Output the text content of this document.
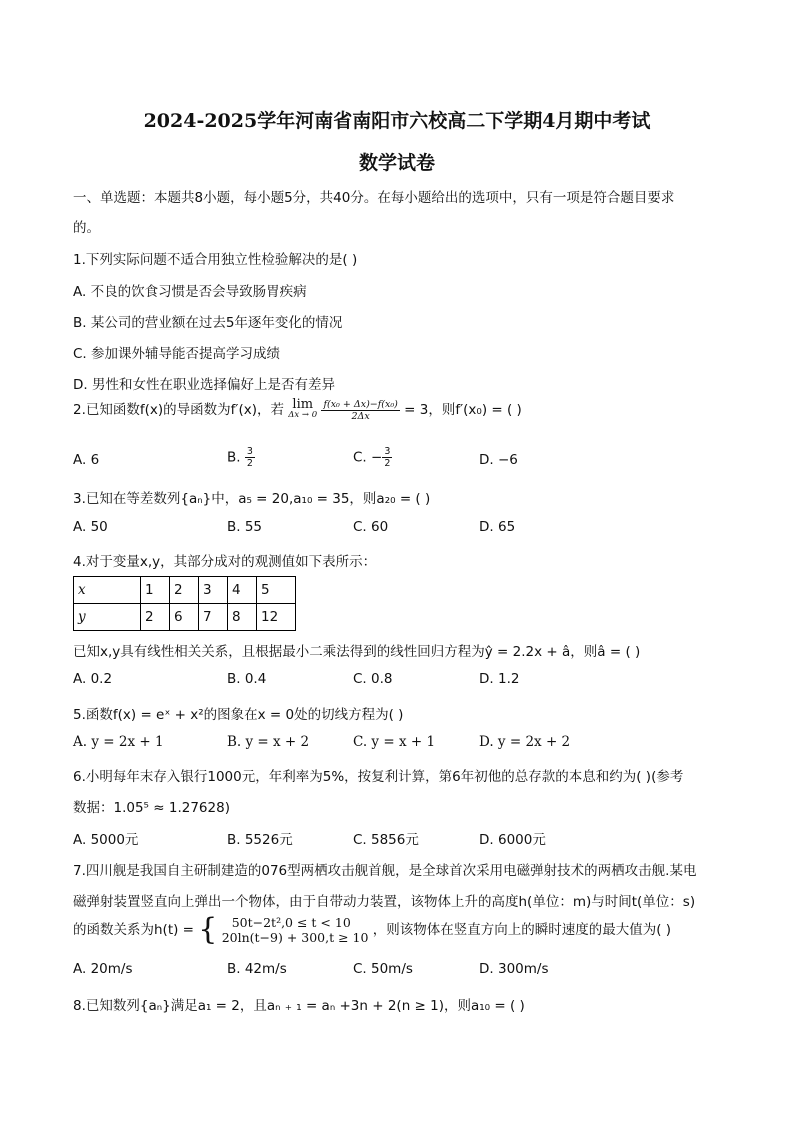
2024-2025学年河南省南阳市六校高二下学期4月期中考试
数学试卷
一、单选题：本题共8小题，每小题5分，共40分。在每小题给出的选项中，只有一项是符合题目要求
的。
1.下列实际问题不适合用独立性检验解决的是( )
A. 不良的饮食习惯是否会导致肠胃疾病
B. 某公司的营业额在过去5年逐年变化的情况
C. 参加课外辅导能否提高学习成绩
D. 男性和女性在职业选择偏好上是否有差异
2.已知函数f(x)的导函数为f′(x)，若 lim
Δx → 0
$\frac{\text{f(x₀ + Δx)−f(x₀)}}{2\Delta x} = 3$，则f′(x₀) = ( )
A. 6	B. $\frac{3}{2}$	C. − $\frac{3}{2}$	D. −6
3.已知在等差数列{aₙ}中，a₅ = 20,a₁₀ = 35，则a₂₀ = ( )
A. 50	B. 55	C. 60	D. 65
4.对于变量x,y，其部分成对的观测值如下表所示：
x	1	2	3	4	5
y	2	6	7	8	12
已知x,y具有线性相关关系，且根据最小二乘法得到的线性回归方程为ŷ = 2.2x + â，则â = ( )
A. 0.2	B. 0.4	C. 0.8	D. 1.2
5.函数f(x) = eˣ + x²的图象在x = 0处的切线方程为( )
A. y = 2x + 1	B. y = x + 2	C. y = x + 1	D. y = 2x + 2
6.小明每年末存入银行1000元，年利率为5%，按复利计算，第6年初他的总存款的本息和约为( )(参考
数据：1.05⁵ ≈ 1.27628)
A. 5000元	B. 5526元	C. 5856元	D. 6000元
7.四川舰是我国自主研制建造的076型两栖攻击舰首舰，是全球首次采用电磁弹射技术的两栖攻击舰.某电
磁弹射装置竖直向上弹出一个物体，由于自带动力装置，该物体上升的高度h(单位：m)与时间t(单位：s)
的函数关系为h(t) = {	50t−2t²,0 ≤ t < 10
20ln(t−9) + 300,t ≥ 10 ，则该物体在竖直方向上的瞬时速度的最大值为( )
A. 20m/s	B. 42m/s	C. 50m/s	D. 300m/s
8.已知数列{aₙ}满足a₁ = 2，且aₙ ₊ ₁ = aₙ +3n + 2(n ≥ 1)，则a₁₀ = ( )
